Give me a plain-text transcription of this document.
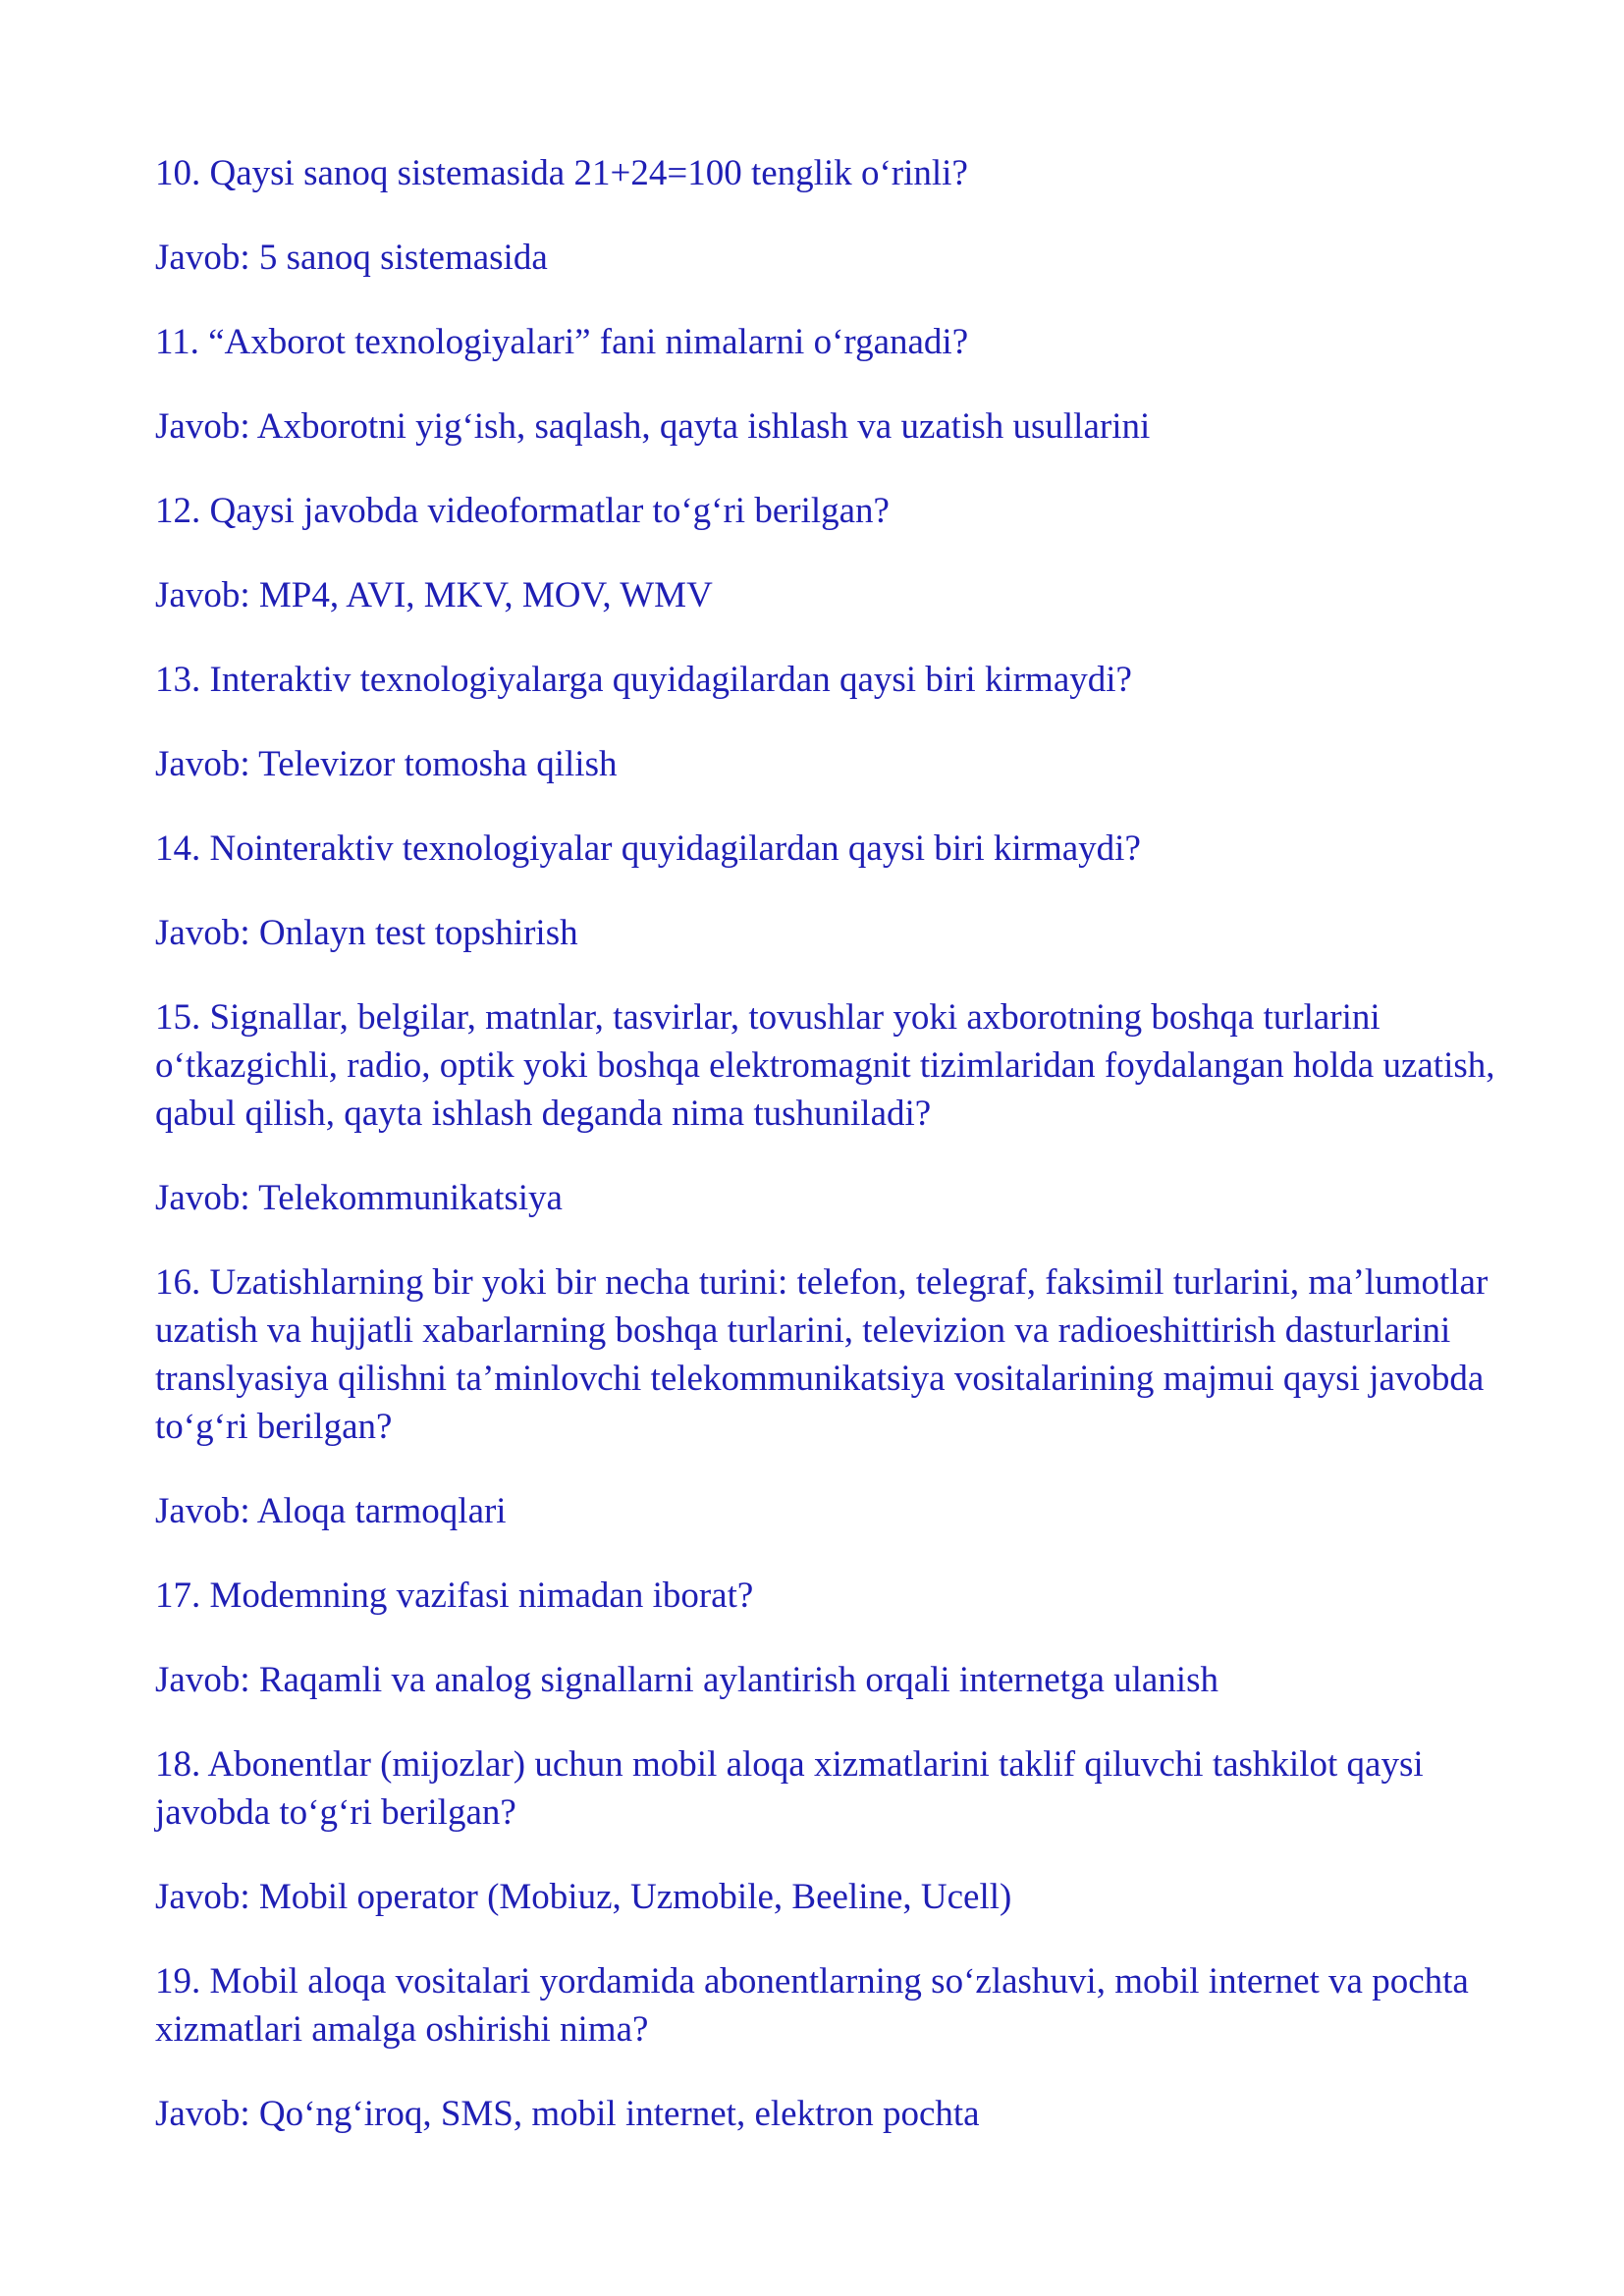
10. Qaysi sanoq sistemasida 21+24=100 tenglik o‘rinli?

Javob: 5 sanoq sistemasida

11. “Axborot texnologiyalari” fani nimalarni o‘rganadi?

Javob: Axborotni yig‘ish, saqlash, qayta ishlash va uzatish usullarini

12. Qaysi javobda videoformatlar to‘g‘ri berilgan?

Javob: MP4, AVI, MKV, MOV, WMV

13. Interaktiv texnologiyalarga quyidagilardan qaysi biri kirmaydi?

Javob: Televizor tomosha qilish

14. Nointeraktiv texnologiyalar quyidagilardan qaysi biri kirmaydi?

Javob: Onlayn test topshirish

15. Signallar, belgilar, matnlar, tasvirlar, tovushlar yoki axborotning boshqa turlarini o‘tkazgichli, radio, optik yoki boshqa elektromagnit tizimlaridan foydalangan holda uzatish, qabul qilish, qayta ishlash deganda nima tushuniladi?

Javob: Telekommunikatsiya

16. Uzatishlarning bir yoki bir necha turini: telefon, telegraf, faksimil turlarini, ma’lumotlar uzatish va hujjatli xabarlarning boshqa turlarini, televizion va radioeshittirish dasturlarini translyasiya qilishni ta’minlovchi telekommunikatsiya vositalarining majmui qaysi javobda to‘g‘ri berilgan?

Javob: Aloqa tarmoqlari

17. Modemning vazifasi nimadan iborat?

Javob: Raqamli va analog signallarni aylantirish orqali internetga ulanish

18. Abonentlar (mijozlar) uchun mobil aloqa xizmatlarini taklif qiluvchi tashkilot qaysi javobda to‘g‘ri berilgan?

Javob: Mobil operator (Mobiuz, Uzmobile, Beeline, Ucell)

19. Mobil aloqa vositalari yordamida abonentlarning so‘zlashuvi, mobil internet va pochta xizmatlari amalga oshirishi nima?

Javob: Qo‘ng‘iroq, SMS, mobil internet, elektron pochta
